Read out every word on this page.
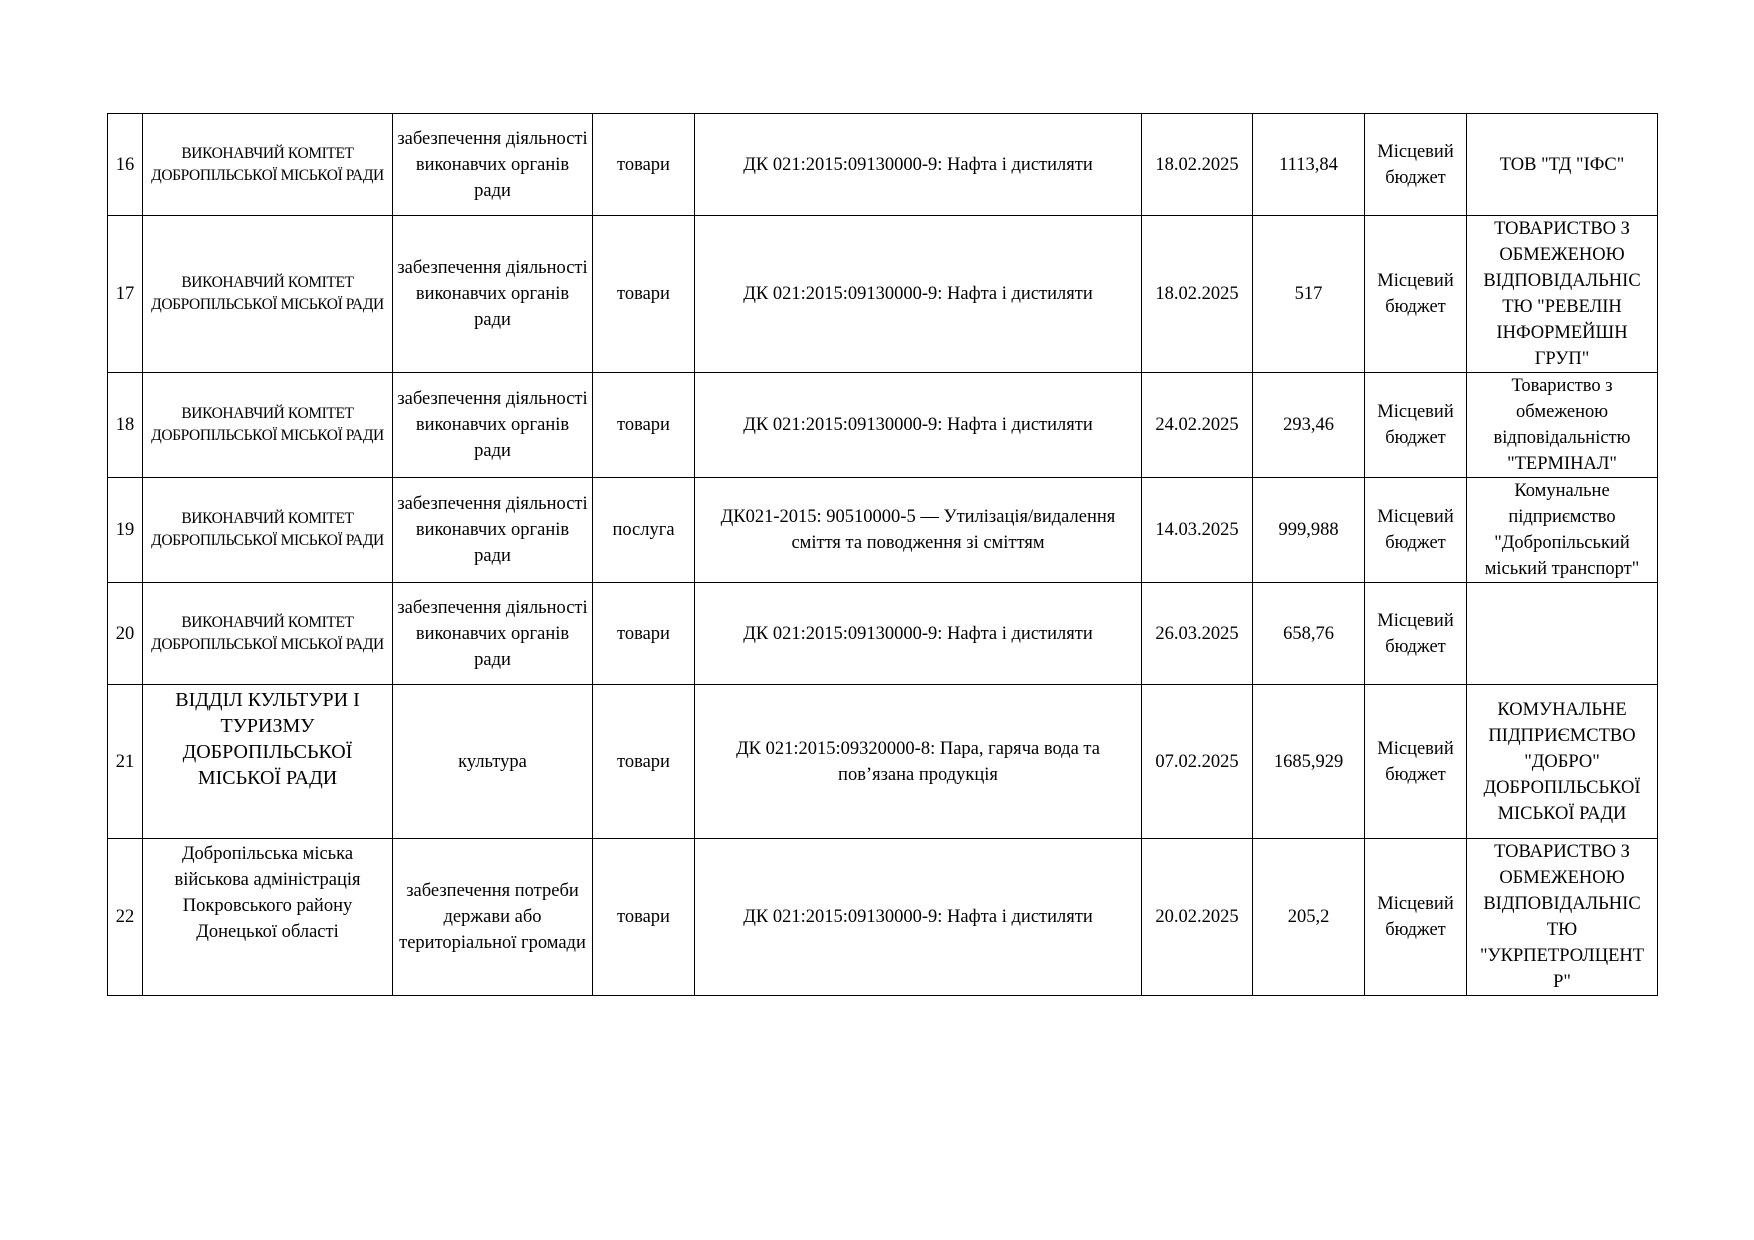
16	ВИКОНАВЧИЙ КОМІТЕТ ДОБРОПІЛЬСЬКОЇ МІСЬКОЇ РАДИ	забезпечення діяльності виконавчих органів ради	товари	ДК 021:2015:09130000-9: Нафта і дистиляти	18.02.2025	1113,84	Місцевий бюджет	ТОВ "ТД "ІФС"
17	ВИКОНАВЧИЙ КОМІТЕТ ДОБРОПІЛЬСЬКОЇ МІСЬКОЇ РАДИ	забезпечення діяльності виконавчих органів ради	товари	ДК 021:2015:09130000-9: Нафта і дистиляти	18.02.2025	517	Місцевий бюджет	ТОВАРИСТВО З ОБМЕЖЕНОЮ ВІДПОВІДАЛЬНІС ТЮ "РЕВЕЛІН ІНФОРМЕЙШН ГРУП"
18	ВИКОНАВЧИЙ КОМІТЕТ ДОБРОПІЛЬСЬКОЇ МІСЬКОЇ РАДИ	забезпечення діяльності виконавчих органів ради	товари	ДК 021:2015:09130000-9: Нафта і дистиляти	24.02.2025	293,46	Місцевий бюджет	Товариство з обмеженою відповідальністю "ТЕРМІНАЛ"
19	ВИКОНАВЧИЙ КОМІТЕТ ДОБРОПІЛЬСЬКОЇ МІСЬКОЇ РАДИ	забезпечення діяльності виконавчих органів ради	послуга	ДК021-2015: 90510000-5 — Утилізація/видалення сміття та поводження зі сміттям	14.03.2025	999,988	Місцевий бюджет	Комунальне підприємство "Добропільський міський транспорт"
20	ВИКОНАВЧИЙ КОМІТЕТ ДОБРОПІЛЬСЬКОЇ МІСЬКОЇ РАДИ	забезпечення діяльності виконавчих органів ради	товари	ДК 021:2015:09130000-9: Нафта і дистиляти	26.03.2025	658,76	Місцевий бюджет	
21	ВІДДІЛ КУЛЬТУРИ І ТУРИЗМУ ДОБРОПІЛЬСЬКОЇ МІСЬКОЇ РАДИ	культура	товари	ДК 021:2015:09320000-8: Пара, гаряча вода та пов’язана продукція	07.02.2025	1685,929	Місцевий бюджет	КОМУНАЛЬНЕ ПІДПРИЄМСТВО "ДОБРО" ДОБРОПІЛЬСЬКОЇ МІСЬКОЇ РАДИ
22	Добропільська міська військова адміністрація Покровського району Донецької області	забезпечення потреби держави або територіальної громади	товари	ДК 021:2015:09130000-9: Нафта і дистиляти	20.02.2025	205,2	Місцевий бюджет	ТОВАРИСТВО З ОБМЕЖЕНОЮ ВІДПОВІДАЛЬНІС ТЮ "УКРПЕТРОЛЦЕНТ Р"
